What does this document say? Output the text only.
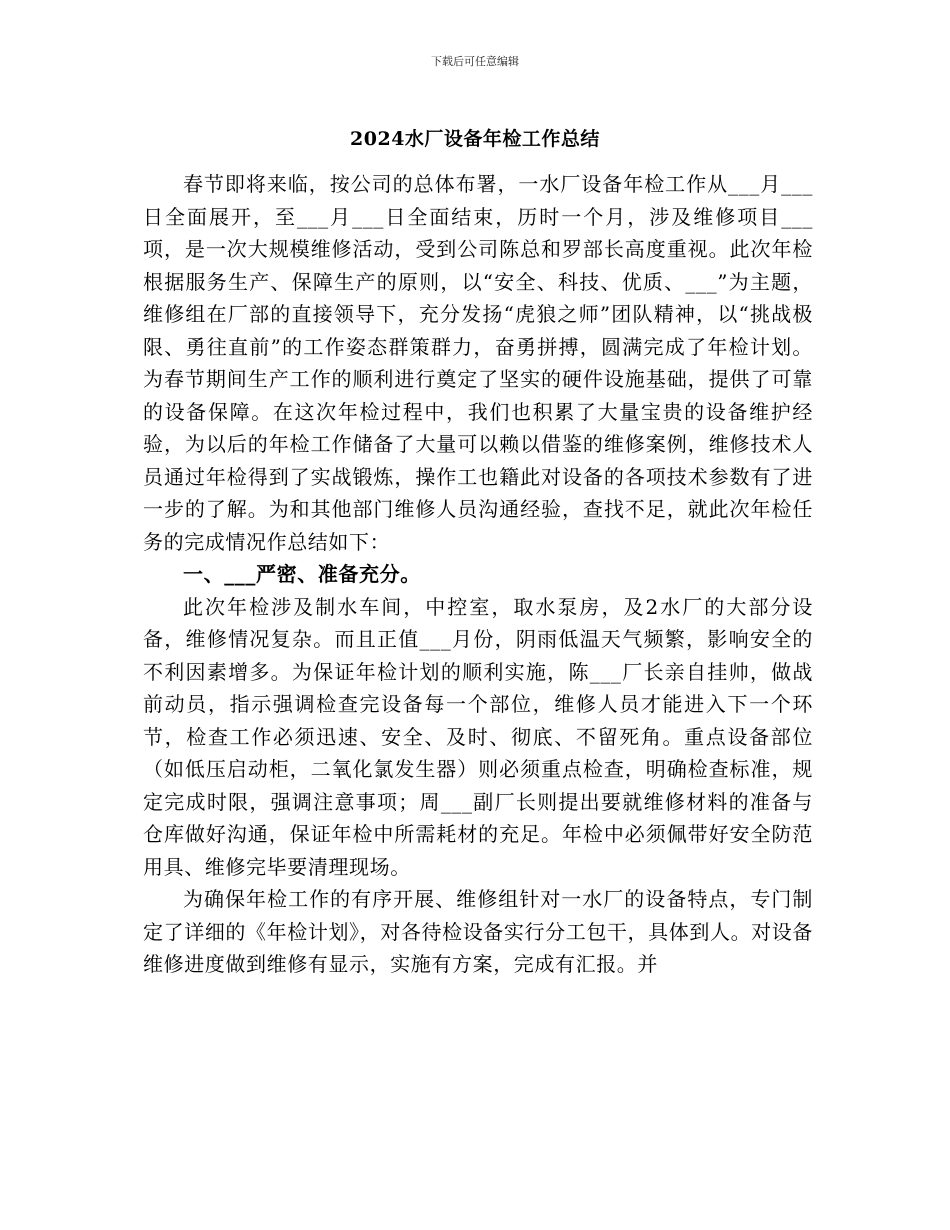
下载后可任意编辑
2024水厂设备年检工作总结

春节即将来临，按公司的总体布署，一水厂设备年检工作从___月___日全面展开，至___月___日全面结束，历时一个月，涉及维修项目___项，是一次大规模维修活动，受到公司陈总和罗部长高度重视。此次年检根据服务生产、保障生产的原则，以“安全、科技、优质、___”为主题，维修组在厂部的直接领导下，充分发扬“虎狼之师”团队精神，以“挑战极限、勇往直前”的工作姿态群策群力，奋勇拼搏，圆满完成了年检计划。为春节期间生产工作的顺利进行奠定了坚实的硬件设施基础，提供了可靠的设备保障。在这次年检过程中，我们也积累了大量宝贵的设备维护经验，为以后的年检工作储备了大量可以赖以借鉴的维修案例，维修技术人员通过年检得到了实战锻炼，操作工也籍此对设备的各项技术参数有了进一步的了解。为和其他部门维修人员沟通经验，查找不足，就此次年检任务的完成情况作总结如下：

一、___严密、准备充分。

此次年检涉及制水车间，中控室，取水泵房，及2水厂的大部分设备，维修情况复杂。而且正值___月份，阴雨低温天气频繁，影响安全的不利因素增多。为保证年检计划的顺利实施，陈___厂长亲自挂帅，做战前动员，指示强调检查完设备每一个部位，维修人员才能进入下一个环节，检查工作必须迅速、安全、及时、彻底、不留死角。重点设备部位（如低压启动柜，二氧化氯发生器）则必须重点检查，明确检查标准，规定完成时限，强调注意事项；周___副厂长则提出要就维修材料的准备与仓库做好沟通，保证年检中所需耗材的充足。年检中必须佩带好安全防范用具、维修完毕要清理现场。

为确保年检工作的有序开展、维修组针对一水厂的设备特点，专门制定了详细的《年检计划》，对各待检设备实行分工包干，具体到人。对设备维修进度做到维修有显示，实施有方案，完成有汇报。并
